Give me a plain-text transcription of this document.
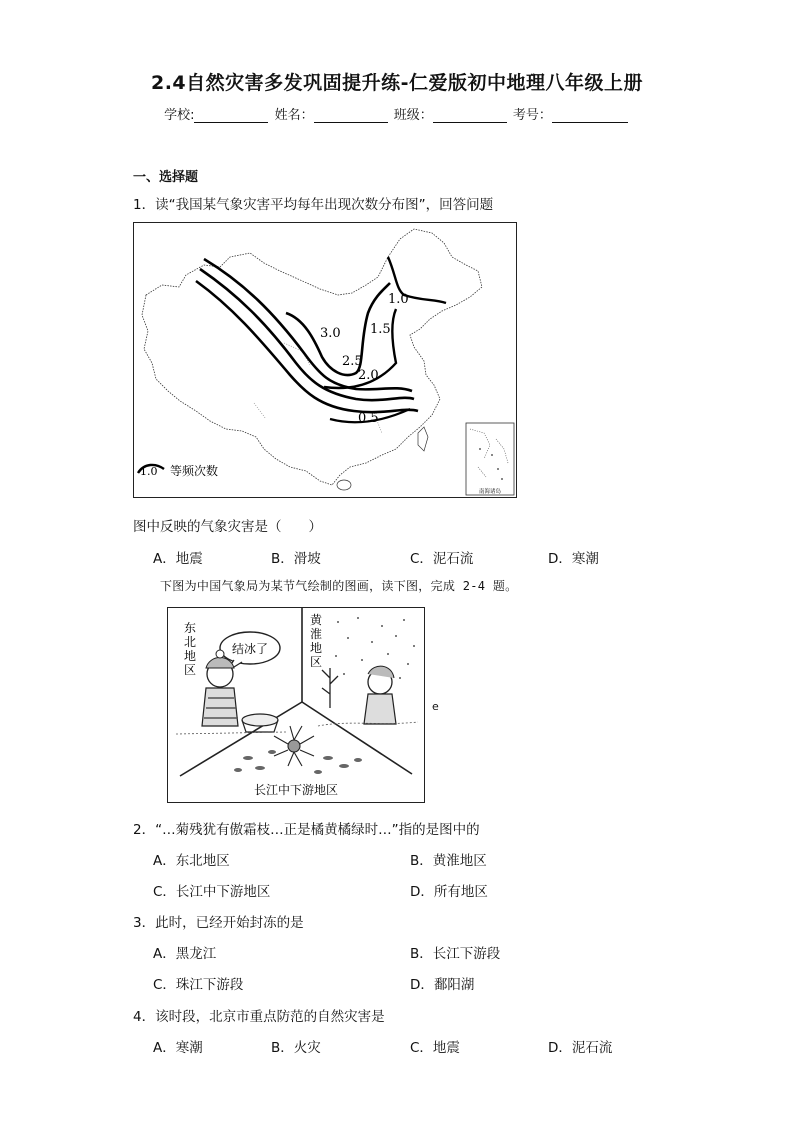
2.4自然灾害多发巩固提升练-仁爱版初中地理八年级上册
学校:	姓名：	班级：	考号：
一、选择题
1．读“我国某气象灾害平均每年出现次数分布图”，回答问题
1.0
1.5
3.0
2.5
2.0
0.5
1.0 等频次数
南海诸岛
图中反映的气象灾害是（　　）
A．地震	B．滑坡	C．泥石流	D．寒潮
下图为中国气象局为某节气绘制的图画，读下图，完成 2-4 题。
东
北
地
区
黄
淮
地
区
长江中下游地区
结冰了
e
2．“…菊残犹有傲霜枝…正是橘黄橘绿时…”指的是图中的
A．东北地区	B．黄淮地区
C．长江中下游地区	D．所有地区
3．此时，已经开始封冻的是
A．黑龙江	B．长江下游段
C．珠江下游段	D．鄱阳湖
4．该时段，北京市重点防范的自然灾害是
A．寒潮	B．火灾	C．地震	D．泥石流
